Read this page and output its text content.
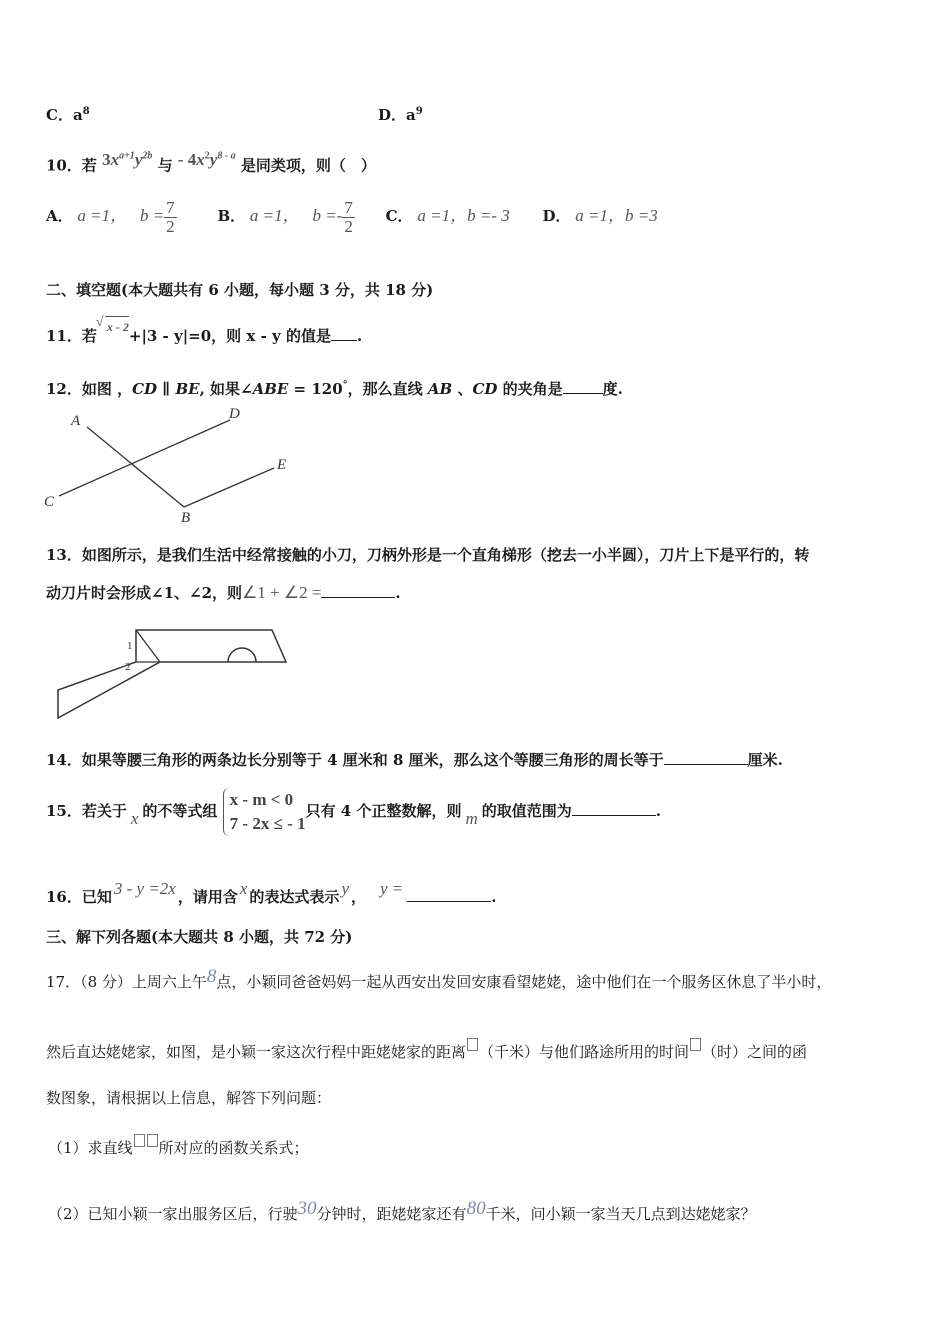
C．$a^8$	D．$a^9$
10．若 $3x^{a+1}y^{2b}$ 与 - $4x^2y^{8 - a}$ 是同类项，则（　）
A． a =1， $b = \frac{7}{2}$	B． a =1， $b =- \frac{7}{2}$ C． a =1，b =- 3 D． a =1，b =3
二、填空题(本大题共有 6 小题，每小题 3 分，共 18 分)
11．若√ x - 2+|3 - y|=0，则 x - y 的值是 .
12．如图 ，CD ∥ BE, 如果∠ABE = 120°，那么直线 AB 、CD 的夹角是	度.
A
B
C
D
E
13．如图所示，是我们生活中经常接触的小刀，刀柄外形是一个直角梯形（挖去一小半圆），刀片上下是平行的，转
动刀片时会形成∠1、∠2，则∠1 + ∠2 =	.
1
2
14．如果等腰三角形的两条边长分别等于 4 厘米和 8 厘米，那么这个等腰三角形的周长等于	厘米.
15．若关于 x 的不等式组
x - m < 0
7 - 2x ≤ - 1
只有 4 个正整数解，则 m 的取值范围为	.
16．已知 3 - y =2x ，请用含 x 的表达式表示 y ， y =	.
三、解下列各题(本大题共 8 小题，共 72 分)
17．（8 分）上周六上午8点，小颖同爸爸妈妈一起从西安出发回安康看望姥姥，途中他们在一个服务区休息了半小时，
然后直达姥姥家，如图，是小颖一家这次行程中距姥姥家的距离 （千米）与他们路途所用的时间 （时）之间的函
数图象，请根据以上信息，解答下列问题：
（1）求直线 所对应的函数关系式；
（2）已知小颖一家出服务区后，行驶30分钟时，距姥姥家还有80千米，问小颖一家当天几点到达姥姥家？
